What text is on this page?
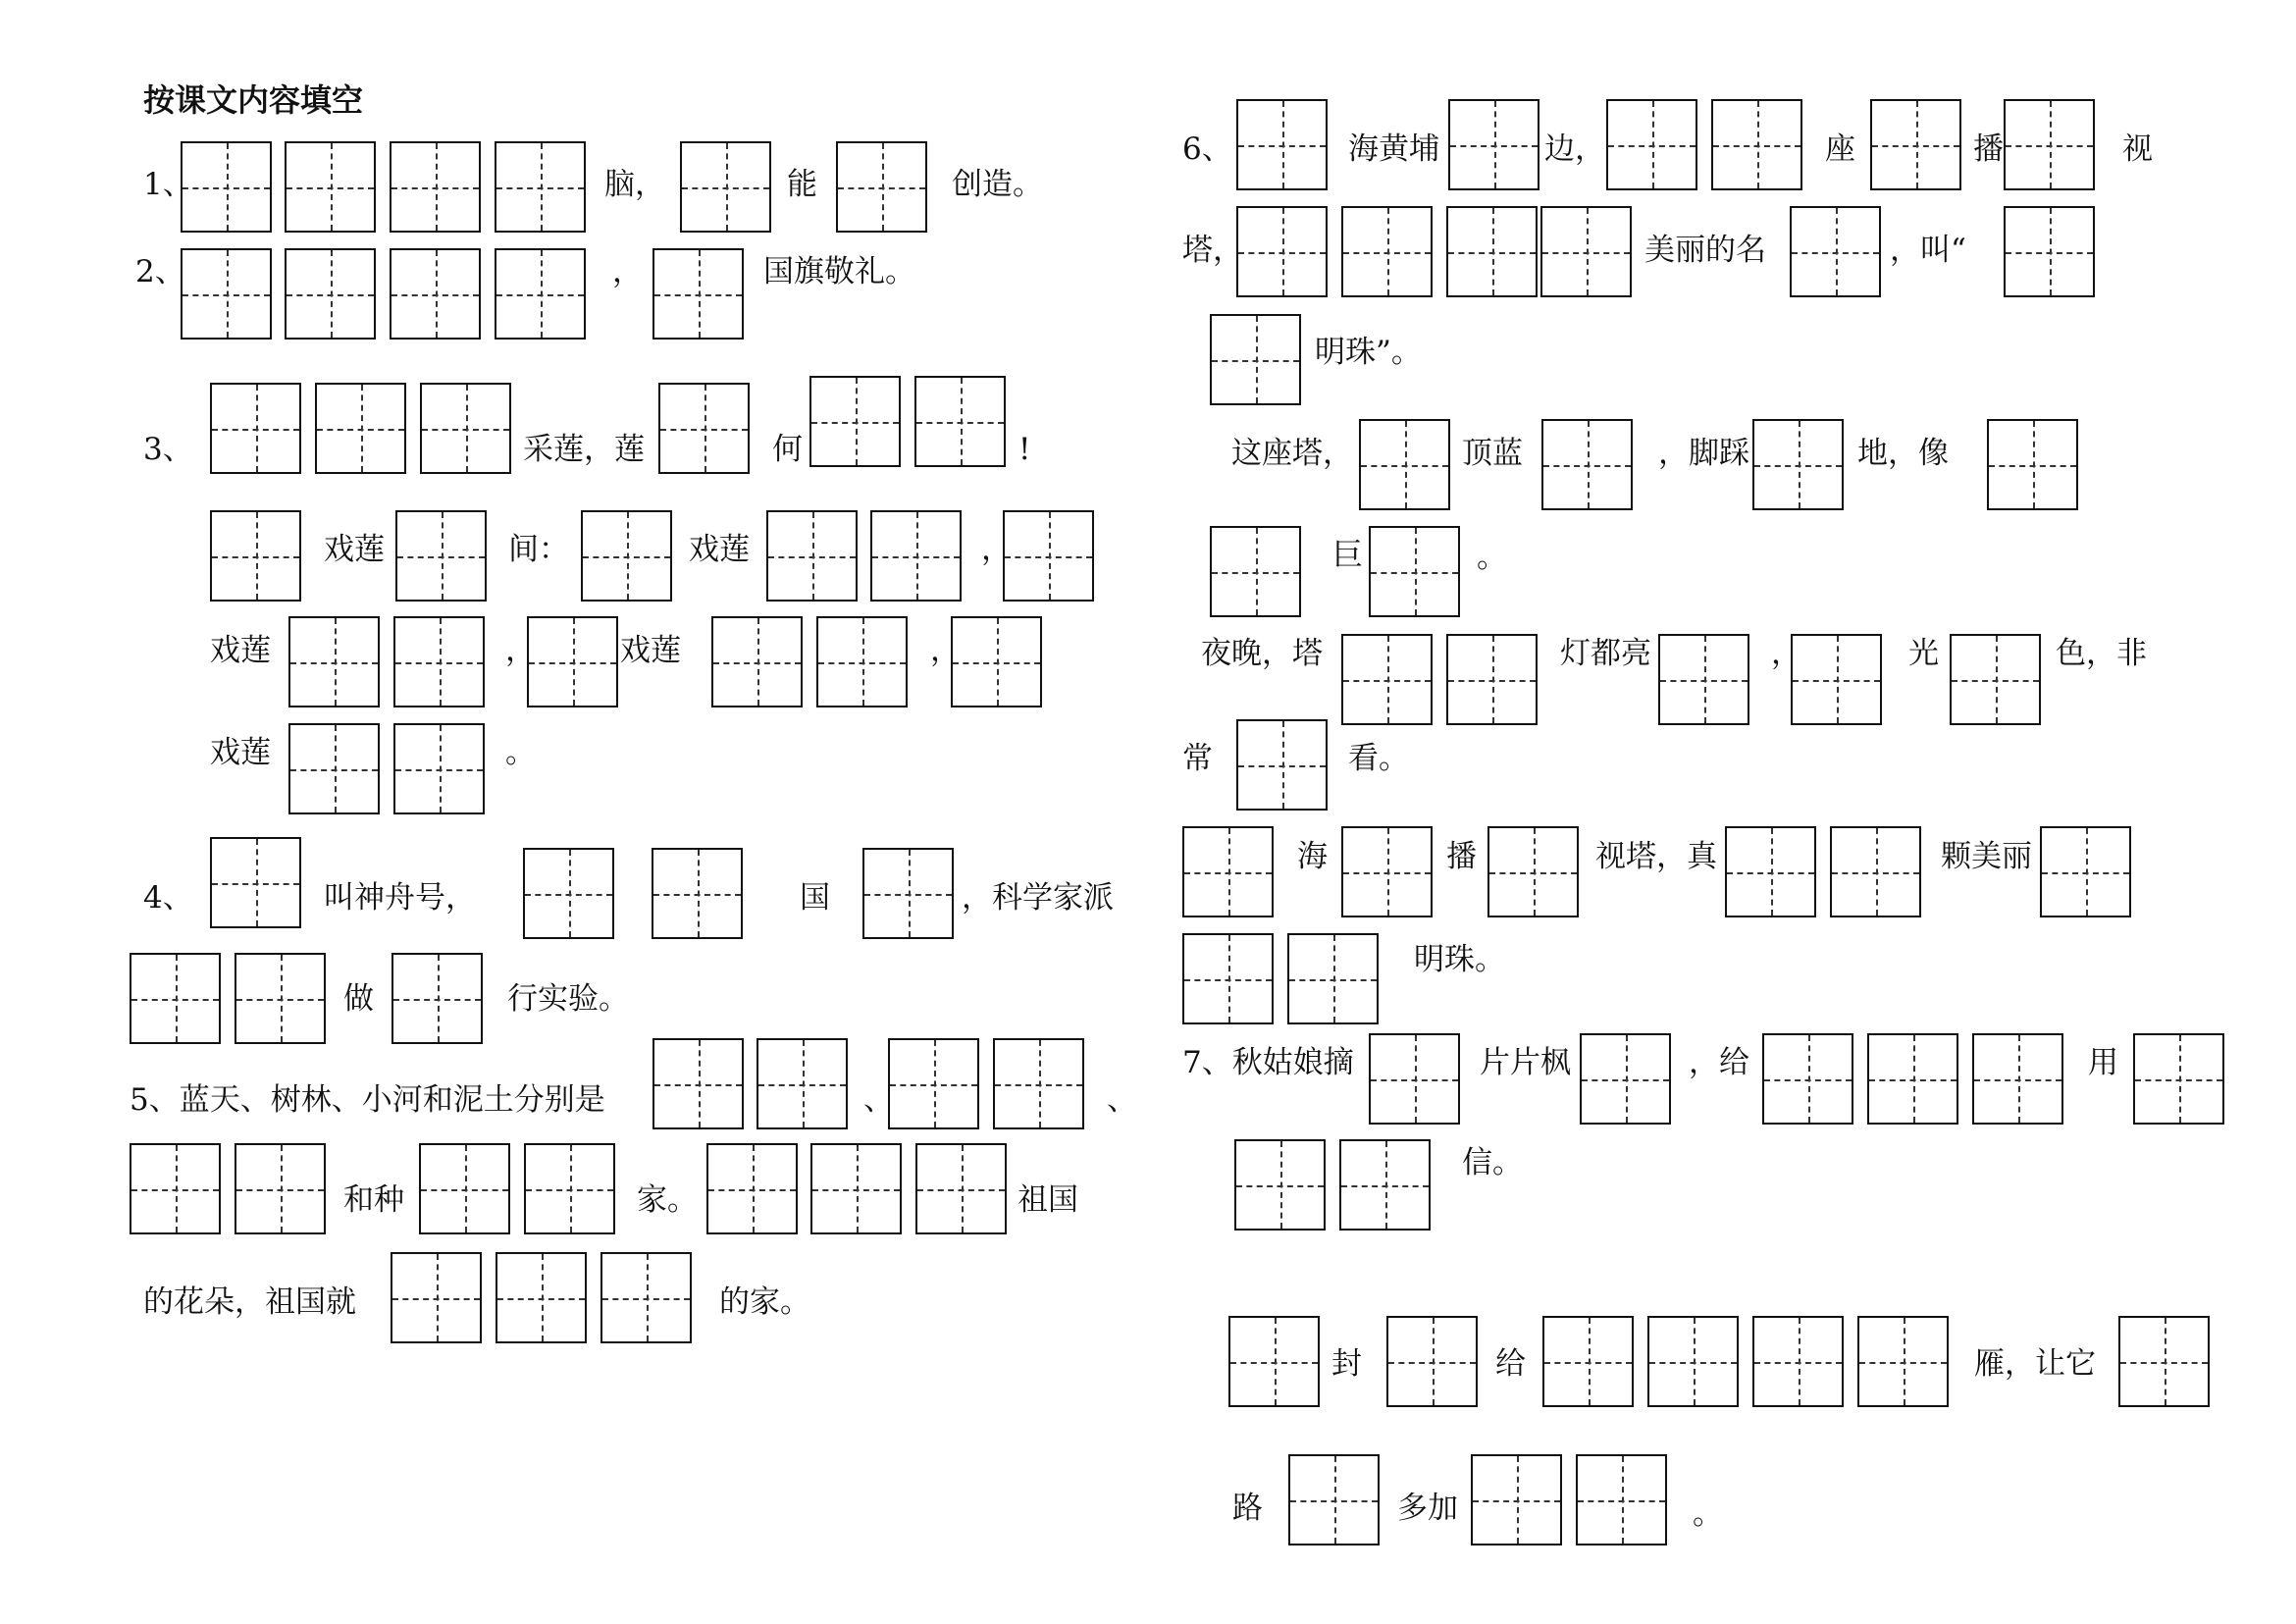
按课文内容填空
1、	脑，	能	创造。
2、	，	国旗敬礼。
3、	采莲，莲	何	!
戏莲	间：	戏莲	，
戏莲	，	戏莲	，
戏莲	。
4、	叫神舟号，	国	，科学家派
做	行实验。
5、蓝天、树林、小河和泥土分别是	、	、
和种	家。	祖国
的花朵，祖国就	的家。
6、	海黄埔	边，	座	播	视
塔，	美丽的名	，叫“
明珠”。
这座塔，	顶蓝	，脚踩	地，像
巨	。
夜晚，塔	灯都亮	，	光	色，非
常	看。
海	播	视塔，真	颗美丽
明珠。
7、秋姑娘摘	片片枫	，给	用
信。
封	给	雁，让它
路	多加	。
